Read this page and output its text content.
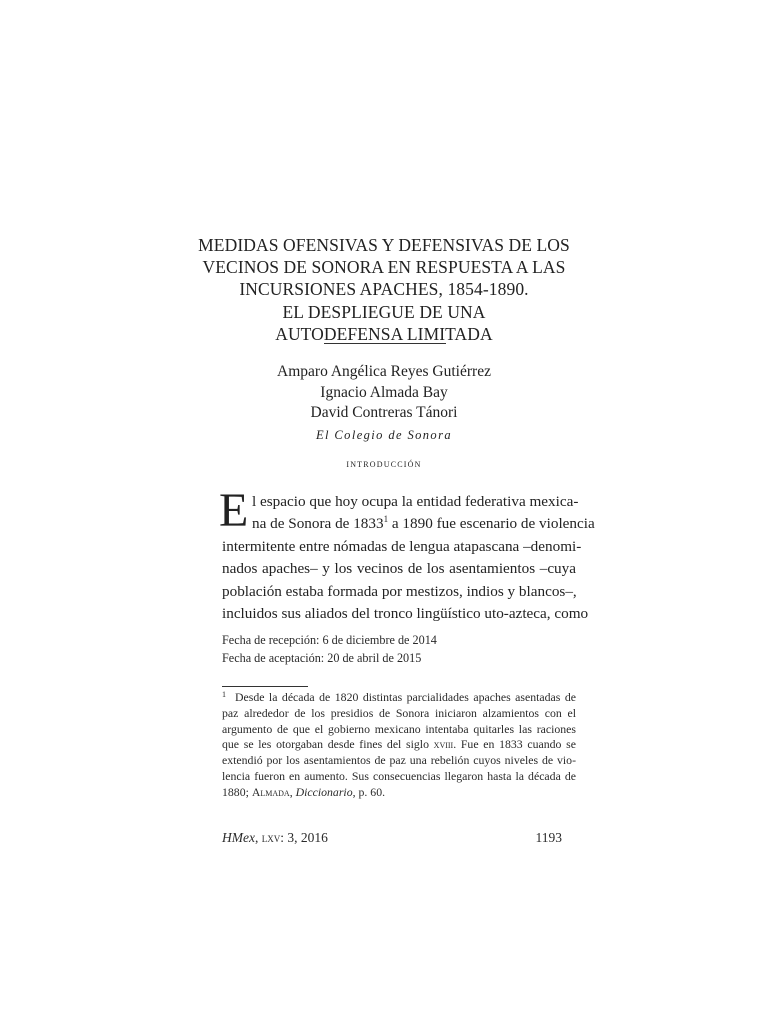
MEDIDAS OFENSIVAS Y DEFENSIVAS DE LOS
VECINOS DE SONORA EN RESPUESTA A LAS
INCURSIONES APACHES, 1854-1890.
EL DESPLIEGUE DE UNA
AUTODEFENSA LIMITADA
Amparo Angélica Reyes Gutiérrez
Ignacio Almada Bay
David Contreras Tánori
El Colegio de Sonora
introducción
E l espacio que hoy ocupa la entidad federativa mexica-
na de Sonora de 1833$^1$ a 1890 fue escenario de violencia
intermitente entre nómadas de lengua atapascana –denomi-
nados apaches– y los vecinos de los asentamientos –cuya
población estaba formada por mestizos, indios y blancos–,
incluidos sus aliados del tronco lingüístico uto-azteca, como
Fecha de recepción: 6 de diciembre de 2014
Fecha de aceptación: 20 de abril de 2015
$^1$ Desde la década de 1820 distintas parcialidades apaches asentadas de
paz alrededor de los presidios de Sonora iniciaron alzamientos con el
argumento de que el gobierno mexicano intentaba quitarles las raciones
que se les otorgaban desde fines del siglo xviii. Fue en 1833 cuando se
extendió por los asentamientos de paz una rebelión cuyos niveles de vio-
lencia fueron en aumento. Sus consecuencias llegaron hasta la década de
1880; Almada, Diccionario, p. 60.
HMex, lxv: 3, 2016	1193
